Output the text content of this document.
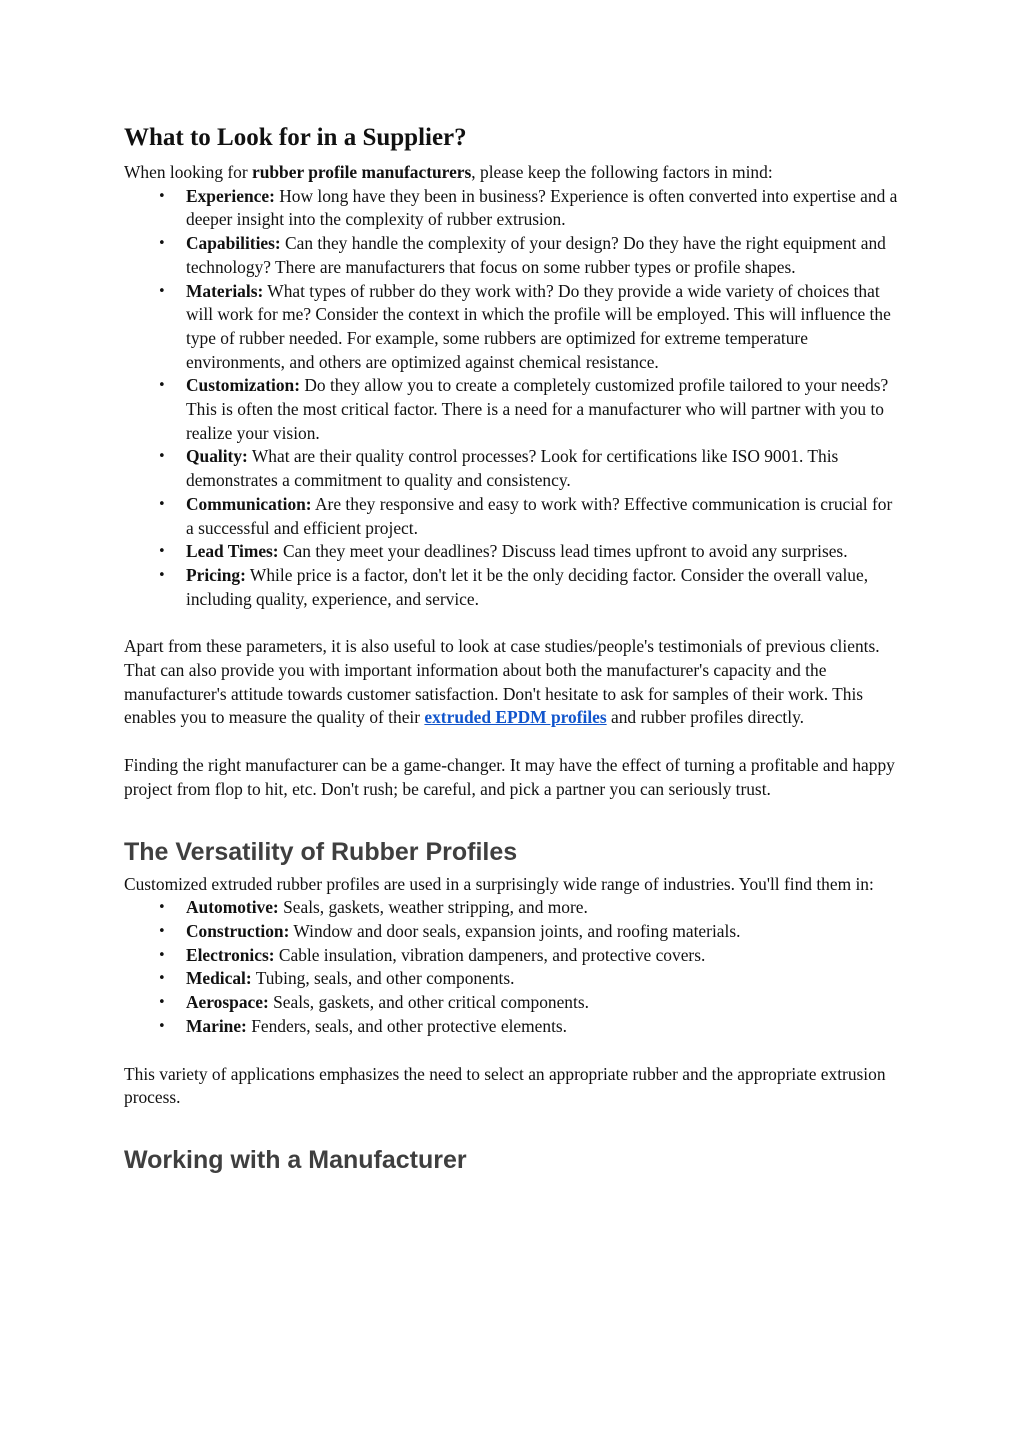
What to Look for in a Supplier?

When looking for rubber profile manufacturers, please keep the following factors in mind:

• Experience: How long have they been in business? Experience is often converted into expertise and a deeper insight into the complexity of rubber extrusion.
• Capabilities: Can they handle the complexity of your design? Do they have the right equipment and technology? There are manufacturers that focus on some rubber types or profile shapes.
• Materials: What types of rubber do they work with? Do they provide a wide variety of choices that will work for me? Consider the context in which the profile will be employed. This will influence the type of rubber needed. For example, some rubbers are optimized for extreme temperature environments, and others are optimized against chemical resistance.
• Customization: Do they allow you to create a completely customized profile tailored to your needs? This is often the most critical factor. There is a need for a manufacturer who will partner with you to realize your vision.
• Quality: What are their quality control processes? Look for certifications like ISO 9001. This demonstrates a commitment to quality and consistency.
• Communication: Are they responsive and easy to work with? Effective communication is crucial for a successful and efficient project.
• Lead Times: Can they meet your deadlines? Discuss lead times upfront to avoid any surprises.
• Pricing: While price is a factor, don't let it be the only deciding factor. Consider the overall value, including quality, experience, and service.

Apart from these parameters, it is also useful to look at case studies/people's testimonials of previous clients. That can also provide you with important information about both the manufacturer's capacity and the manufacturer's attitude towards customer satisfaction. Don't hesitate to ask for samples of their work. This enables you to measure the quality of their extruded EPDM profiles and rubber profiles directly.

Finding the right manufacturer can be a game-changer. It may have the effect of turning a profitable and happy project from flop to hit, etc. Don't rush; be careful, and pick a partner you can seriously trust.

The Versatility of Rubber Profiles

Customized extruded rubber profiles are used in a surprisingly wide range of industries. You'll find them in:

• Automotive: Seals, gaskets, weather stripping, and more.
• Construction: Window and door seals, expansion joints, and roofing materials.
• Electronics: Cable insulation, vibration dampeners, and protective covers.
• Medical: Tubing, seals, and other components.
• Aerospace: Seals, gaskets, and other critical components.
• Marine: Fenders, seals, and other protective elements.

This variety of applications emphasizes the need to select an appropriate rubber and the appropriate extrusion process.

Working with a Manufacturer
